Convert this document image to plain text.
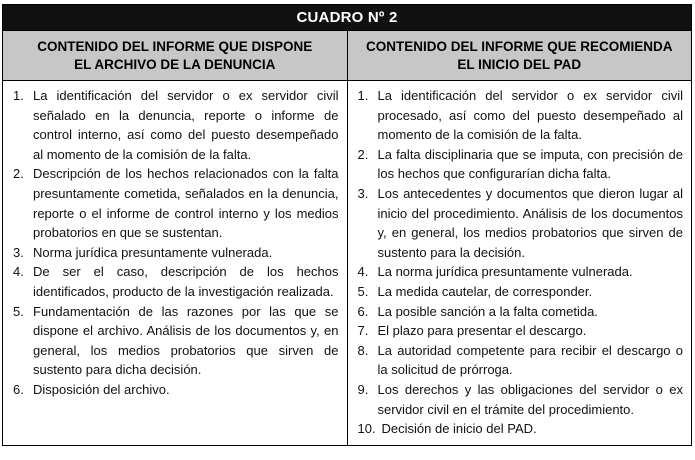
CUADRO Nº 2
CONTENIDO DEL INFORME QUE DISPONE
EL ARCHIVO DE LA DENUNCIA
CONTENIDO DEL INFORME QUE RECOMIENDA
EL INICIO DEL PAD
1. La identificación del servidor o ex servidor civil señalado en la denuncia, reporte o informe de control interno, así como del puesto desempeñado al momento de la comisión de la falta.
2. Descripción de los hechos relacionados con la falta presuntamente cometida, señalados en la denuncia, reporte o el informe de control interno y los medios probatorios en que se sustentan.
3. Norma jurídica presuntamente vulnerada.
4. De ser el caso, descripción de los hechos identificados, producto de la investigación realizada.
5. Fundamentación de las razones por las que se dispone el archivo. Análisis de los documentos y, en general, los medios probatorios que sirven de sustento para dicha decisión.
6. Disposición del archivo.
1. La identificación del servidor o ex servidor civil procesado, así como del puesto desempeñado al momento de la comisión de la falta.
2. La falta disciplinaria que se imputa, con precisión de los hechos que configurarían dicha falta.
3. Los antecedentes y documentos que dieron lugar al inicio del procedimiento. Análisis de los documentos y, en general, los medios probatorios que sirven de sustento para la decisión.
4. La norma jurídica presuntamente vulnerada.
5. La medida cautelar, de corresponder.
6. La posible sanción a la falta cometida.
7. El plazo para presentar el descargo.
8. La autoridad competente para recibir el descargo o la solicitud de prórroga.
9. Los derechos y las obligaciones del servidor o ex servidor civil en el trámite del procedimiento.
10. Decisión de inicio del PAD.
